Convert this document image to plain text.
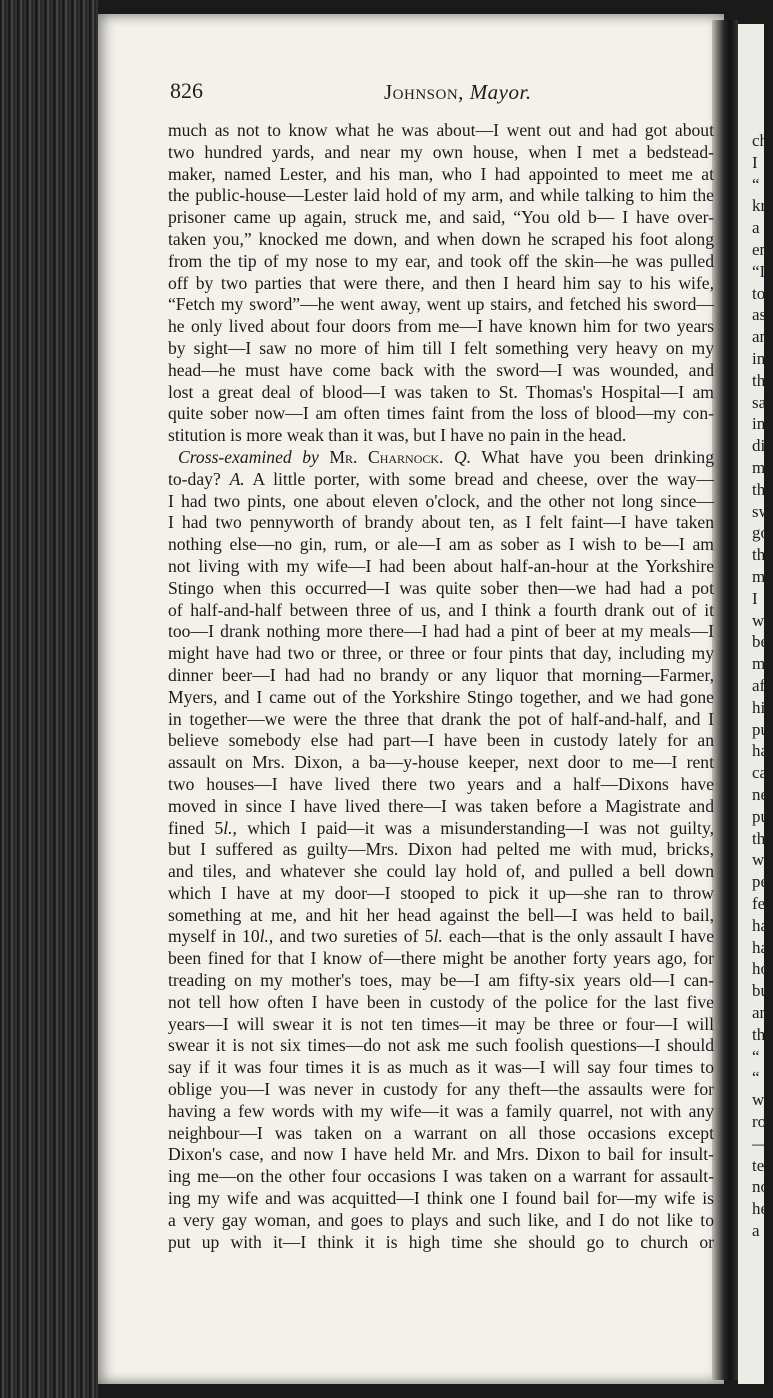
ch
I
“
kr
a
en
“I
to
as
an
in
th
sa
in
di
m
th
sw
go
th
m
I
wi
be
m
aft
hi
pu
ha
ca
ne
pu
th
we
pe
fee
ha
ha
ho
bu
an
th
“
“
wi
ro
—
ter
no
he
a I
826	Johnson, Mayor.
much as not to know what he was about—I went out and had got about
two hundred yards, and near my own house, when I met a bedstead-
maker, named Lester, and his man, who I had appointed to meet me at
the public-house—Lester laid hold of my arm, and while talking to him the
prisoner came up again, struck me, and said, “You old b— I have over-
taken you,” knocked me down, and when down he scraped his foot along
from the tip of my nose to my ear, and took off the skin—he was pulled
off by two parties that were there, and then I heard him say to his wife,
“Fetch my sword”—he went away, went up stairs, and fetched his sword—
he only lived about four doors from me—I have known him for two years
by sight—I saw no more of him till I felt something very heavy on my
head—he must have come back with the sword—I was wounded, and
lost a great deal of blood—I was taken to St. Thomas's Hospital—I am
quite sober now—I am often times faint from the loss of blood—my con-
stitution is more weak than it was, but I have no pain in the head.
Cross-examined by Mr. Charnock. Q. What have you been drinking
to-day? A. A little porter, with some bread and cheese, over the way—
I had two pints, one about eleven o'clock, and the other not long since—
I had two pennyworth of brandy about ten, as I felt faint—I have taken
nothing else—no gin, rum, or ale—I am as sober as I wish to be—I am
not living with my wife—I had been about half-an-hour at the Yorkshire
Stingo when this occurred—I was quite sober then—we had had a pot
of half-and-half between three of us, and I think a fourth drank out of it
too—I drank nothing more there—I had had a pint of beer at my meals—I
might have had two or three, or three or four pints that day, including my
dinner beer—I had had no brandy or any liquor that morning—Farmer,
Myers, and I came out of the Yorkshire Stingo together, and we had gone
in together—we were the three that drank the pot of half-and-half, and I
believe somebody else had part—I have been in custody lately for an
assault on Mrs. Dixon, a ba—y-house keeper, next door to me—I rent
two houses—I have lived there two years and a half—Dixons have
moved in since I have lived there—I was taken before a Magistrate and
fined 5l., which I paid—it was a misunderstanding—I was not guilty,
but I suffered as guilty—Mrs. Dixon had pelted me with mud, bricks,
and tiles, and whatever she could lay hold of, and pulled a bell down
which I have at my door—I stooped to pick it up—she ran to throw
something at me, and hit her head against the bell—I was held to bail,
myself in 10l., and two sureties of 5l. each—that is the only assault I have
been fined for that I know of—there might be another forty years ago, for
treading on my mother's toes, may be—I am fifty-six years old—I can-
not tell how often I have been in custody of the police for the last five
years—I will swear it is not ten times—it may be three or four—I will
swear it is not six times—do not ask me such foolish questions—I should
say if it was four times it is as much as it was—I will say four times to
oblige you—I was never in custody for any theft—the assaults were for
having a few words with my wife—it was a family quarrel, not with any
neighbour—I was taken on a warrant on all those occasions except
Dixon's case, and now I have held Mr. and Mrs. Dixon to bail for insult-
ing me—on the other four occasions I was taken on a warrant for assault-
ing my wife and was acquitted—I think one I found bail for—my wife is
a very gay woman, and goes to plays and such like, and I do not like to
put up with it—I think it is high time she should go to church or
